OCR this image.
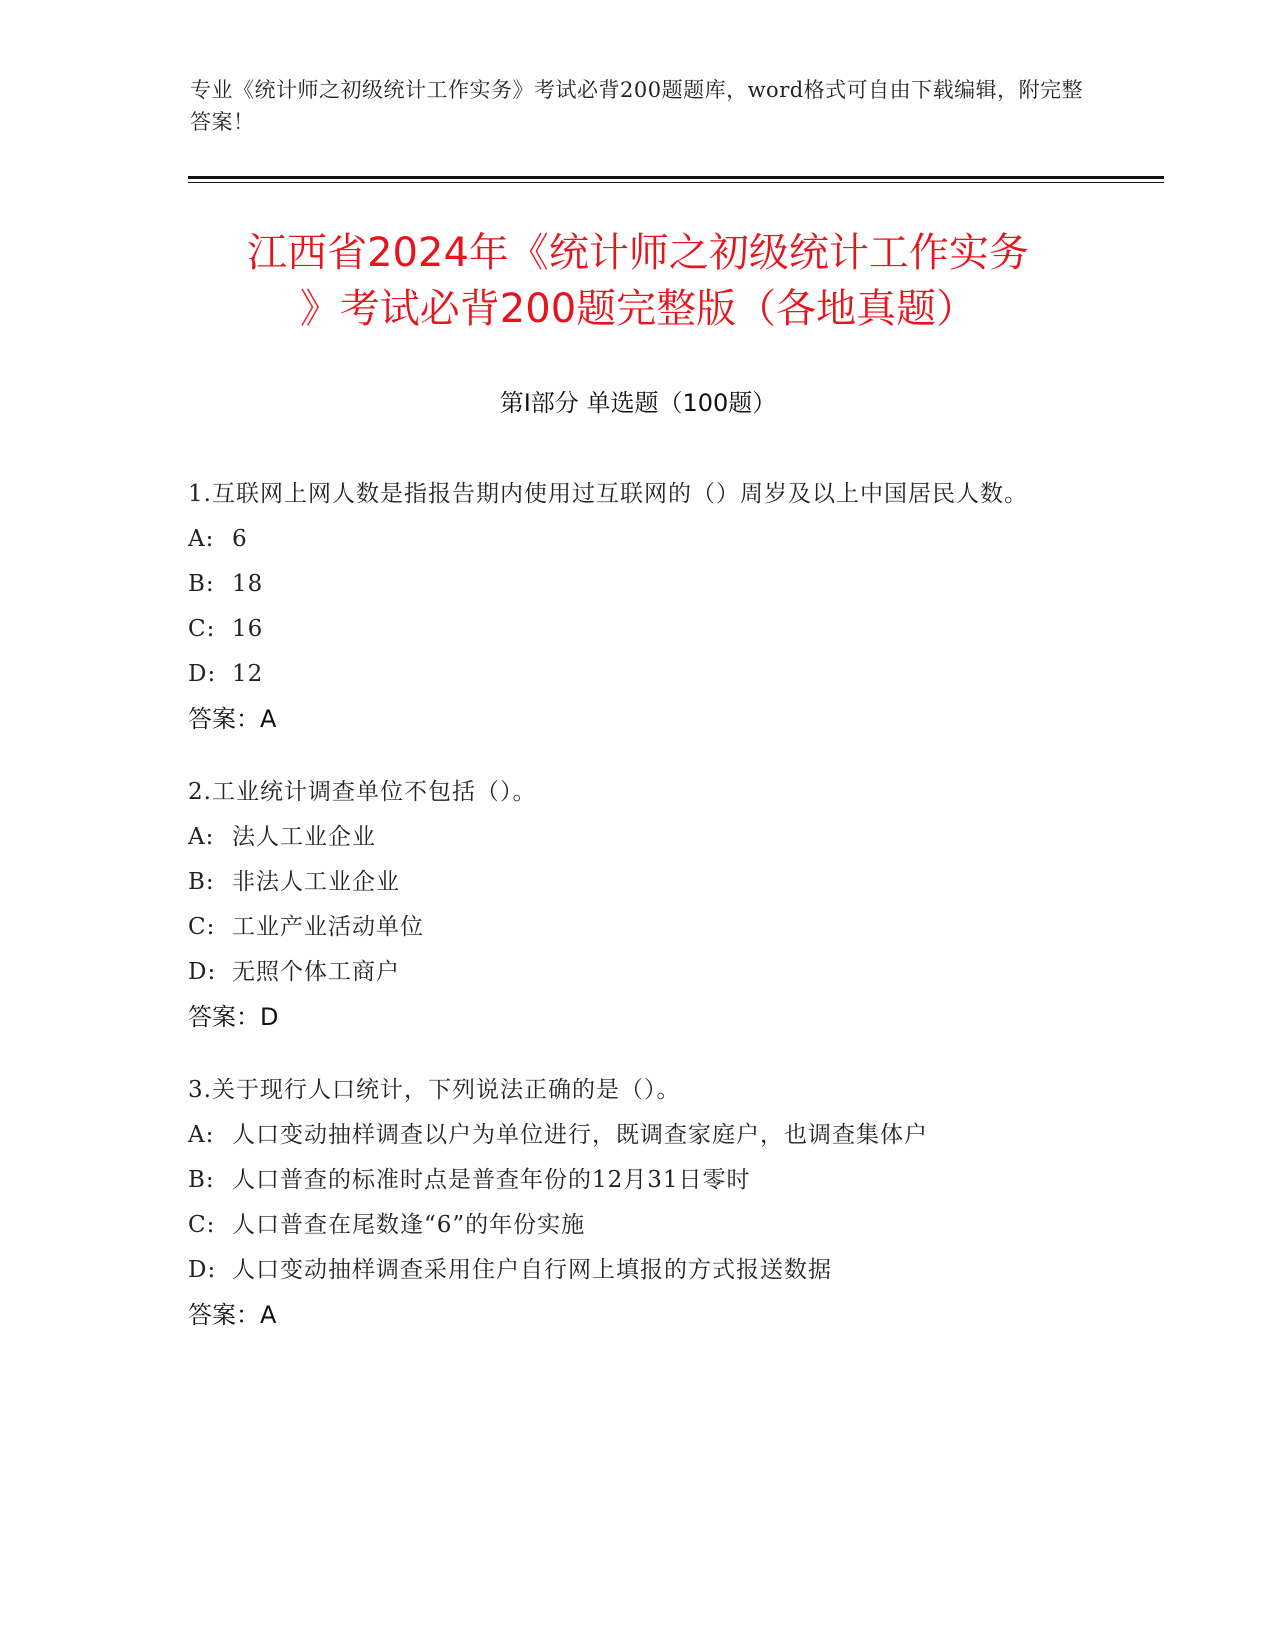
专业《统计师之初级统计工作实务》考试必背200题题库，word格式可自由下载编辑，附完整答案！
江西省2024年《统计师之初级统计工作实务
》考试必背200题完整版（各地真题）
第Ⅰ部分 单选题（100题）
1.互联网上网人数是指报告期内使用过互联网的（）周岁及以上中国居民人数。
A: 6
B: 18
C: 16
D: 12
答案：A
2.工业统计调查单位不包括（）。
A: 法人工业企业
B: 非法人工业企业
C: 工业产业活动单位
D: 无照个体工商户
答案：D
3.关于现行人口统计，下列说法正确的是（）。
A: 人口变动抽样调查以户为单位进行，既调查家庭户，也调查集体户
B: 人口普查的标准时点是普查年份的12月31日零时
C: 人口普查在尾数逢“6”的年份实施
D: 人口变动抽样调查采用住户自行网上填报的方式报送数据
答案：A
